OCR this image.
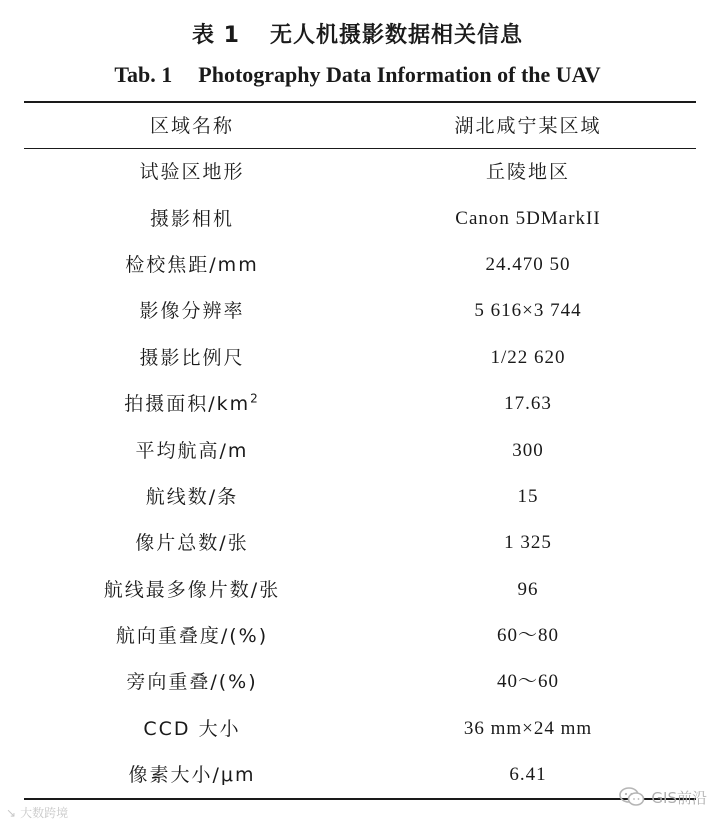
表 1 无人机摄影数据相关信息
Tab. 1 Photography Data Information of the UAV
区域名称	湖北咸宁某区域
试验区地形	丘陵地区
摄影相机	Canon 5DMarkII
检校焦距/mm	24.470 50
影像分辨率	5 616×3 744
摄影比例尺	1/22 620
拍摄面积$/km^2$	17.63
平均航高/m	300
航线数/条	15
像片总数/张	1 325
航线最多像片数/张	96
航向重叠度/(%)	60～80
旁向重叠/(%)	40～60
CCD 大小	36 mm×24 mm
像素大小/μm	6.41
↘ 大数跨境
GIS前沿
